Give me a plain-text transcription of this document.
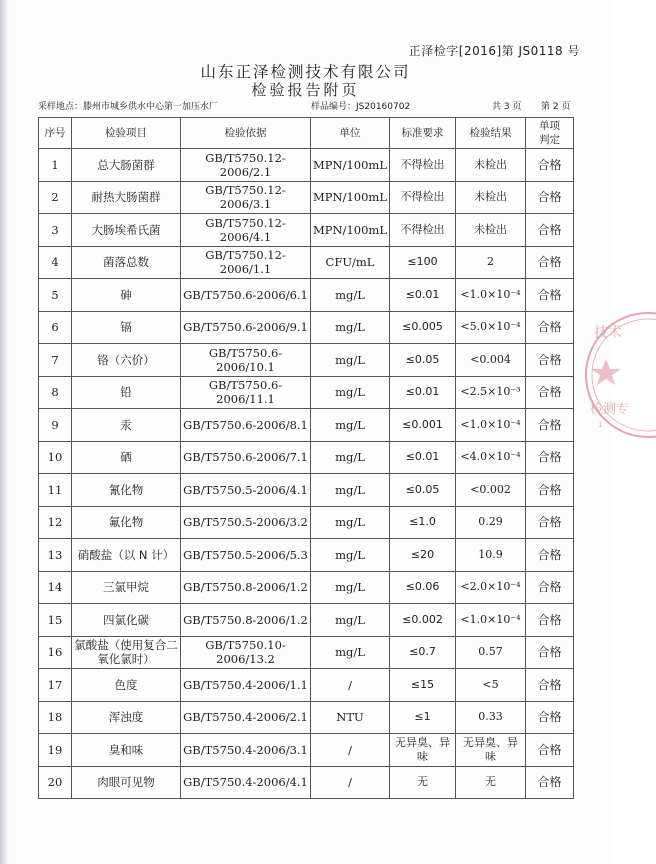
正泽检字[2016]第 JS0118 号
山东正泽检测技术有限公司
检验报告附页
采样地点：滕州市城乡供水中心第一加压水厂	样品编号：JS20160702	共 3 页 第 2 页
序号	检验项目	检验依据	单位	标准要求	检验结果	单项
判定
1	总大肠菌群	GB/T5750.12-2006/2.1	MPN/100mL	不得检出	未检出	合格
2	耐热大肠菌群	GB/T5750.12-2006/3.1	MPN/100mL	不得检出	未检出	合格
3	大肠埃希氏菌	GB/T5750.12-2006/4.1	MPN/100mL	不得检出	未检出	合格
4	菌落总数	GB/T5750.12-2006/1.1	CFU/mL	≤100	2	合格
5	砷	GB/T5750.6-2006/6.1	mg/L	≤0.01	<1.0×10⁻⁴	合格
6	镉	GB/T5750.6-2006/9.1	mg/L	≤0.005	<5.0×10⁻⁴	合格
7	铬（六价）	GB/T5750.6-2006/10.1	mg/L	≤0.05	<0.004	合格
8	铅	GB/T5750.6-2006/11.1	mg/L	≤0.01	<2.5×10⁻³	合格
9	汞	GB/T5750.6-2006/8.1	mg/L	≤0.001	<1.0×10⁻⁴	合格
10	硒	GB/T5750.6-2006/7.1	mg/L	≤0.01	<4.0×10⁻⁴	合格
11	氰化物	GB/T5750.5-2006/4.1	mg/L	≤0.05	<0.002	合格
12	氟化物	GB/T5750.5-2006/3.2	mg/L	≤1.0	0.29	合格
13	硝酸盐（以 N 计）	GB/T5750.5-2006/5.3	mg/L	≤20	10.9	合格
14	三氯甲烷	GB/T5750.8-2006/1.2	mg/L	≤0.06	<2.0×10⁻⁴	合格
15	四氯化碳	GB/T5750.8-2006/1.2	mg/L	≤0.002	<1.0×10⁻⁴	合格
16	氯酸盐（使用复合二氧化氯时）	GB/T5750.10-2006/13.2	mg/L	≤0.7	0.57	合格
17	色度	GB/T5750.4-2006/1.1	/	≤15	<5	合格
18	浑浊度	GB/T5750.4-2006/2.1	NTU	≤1	0.33	合格
19	臭和味	GB/T5750.4-2006/3.1	/	无异臭、异味	无异臭、异味	合格
20	肉眼可见物	GB/T5750.4-2006/4.1	/	无	无	合格
技术
检测专
1
